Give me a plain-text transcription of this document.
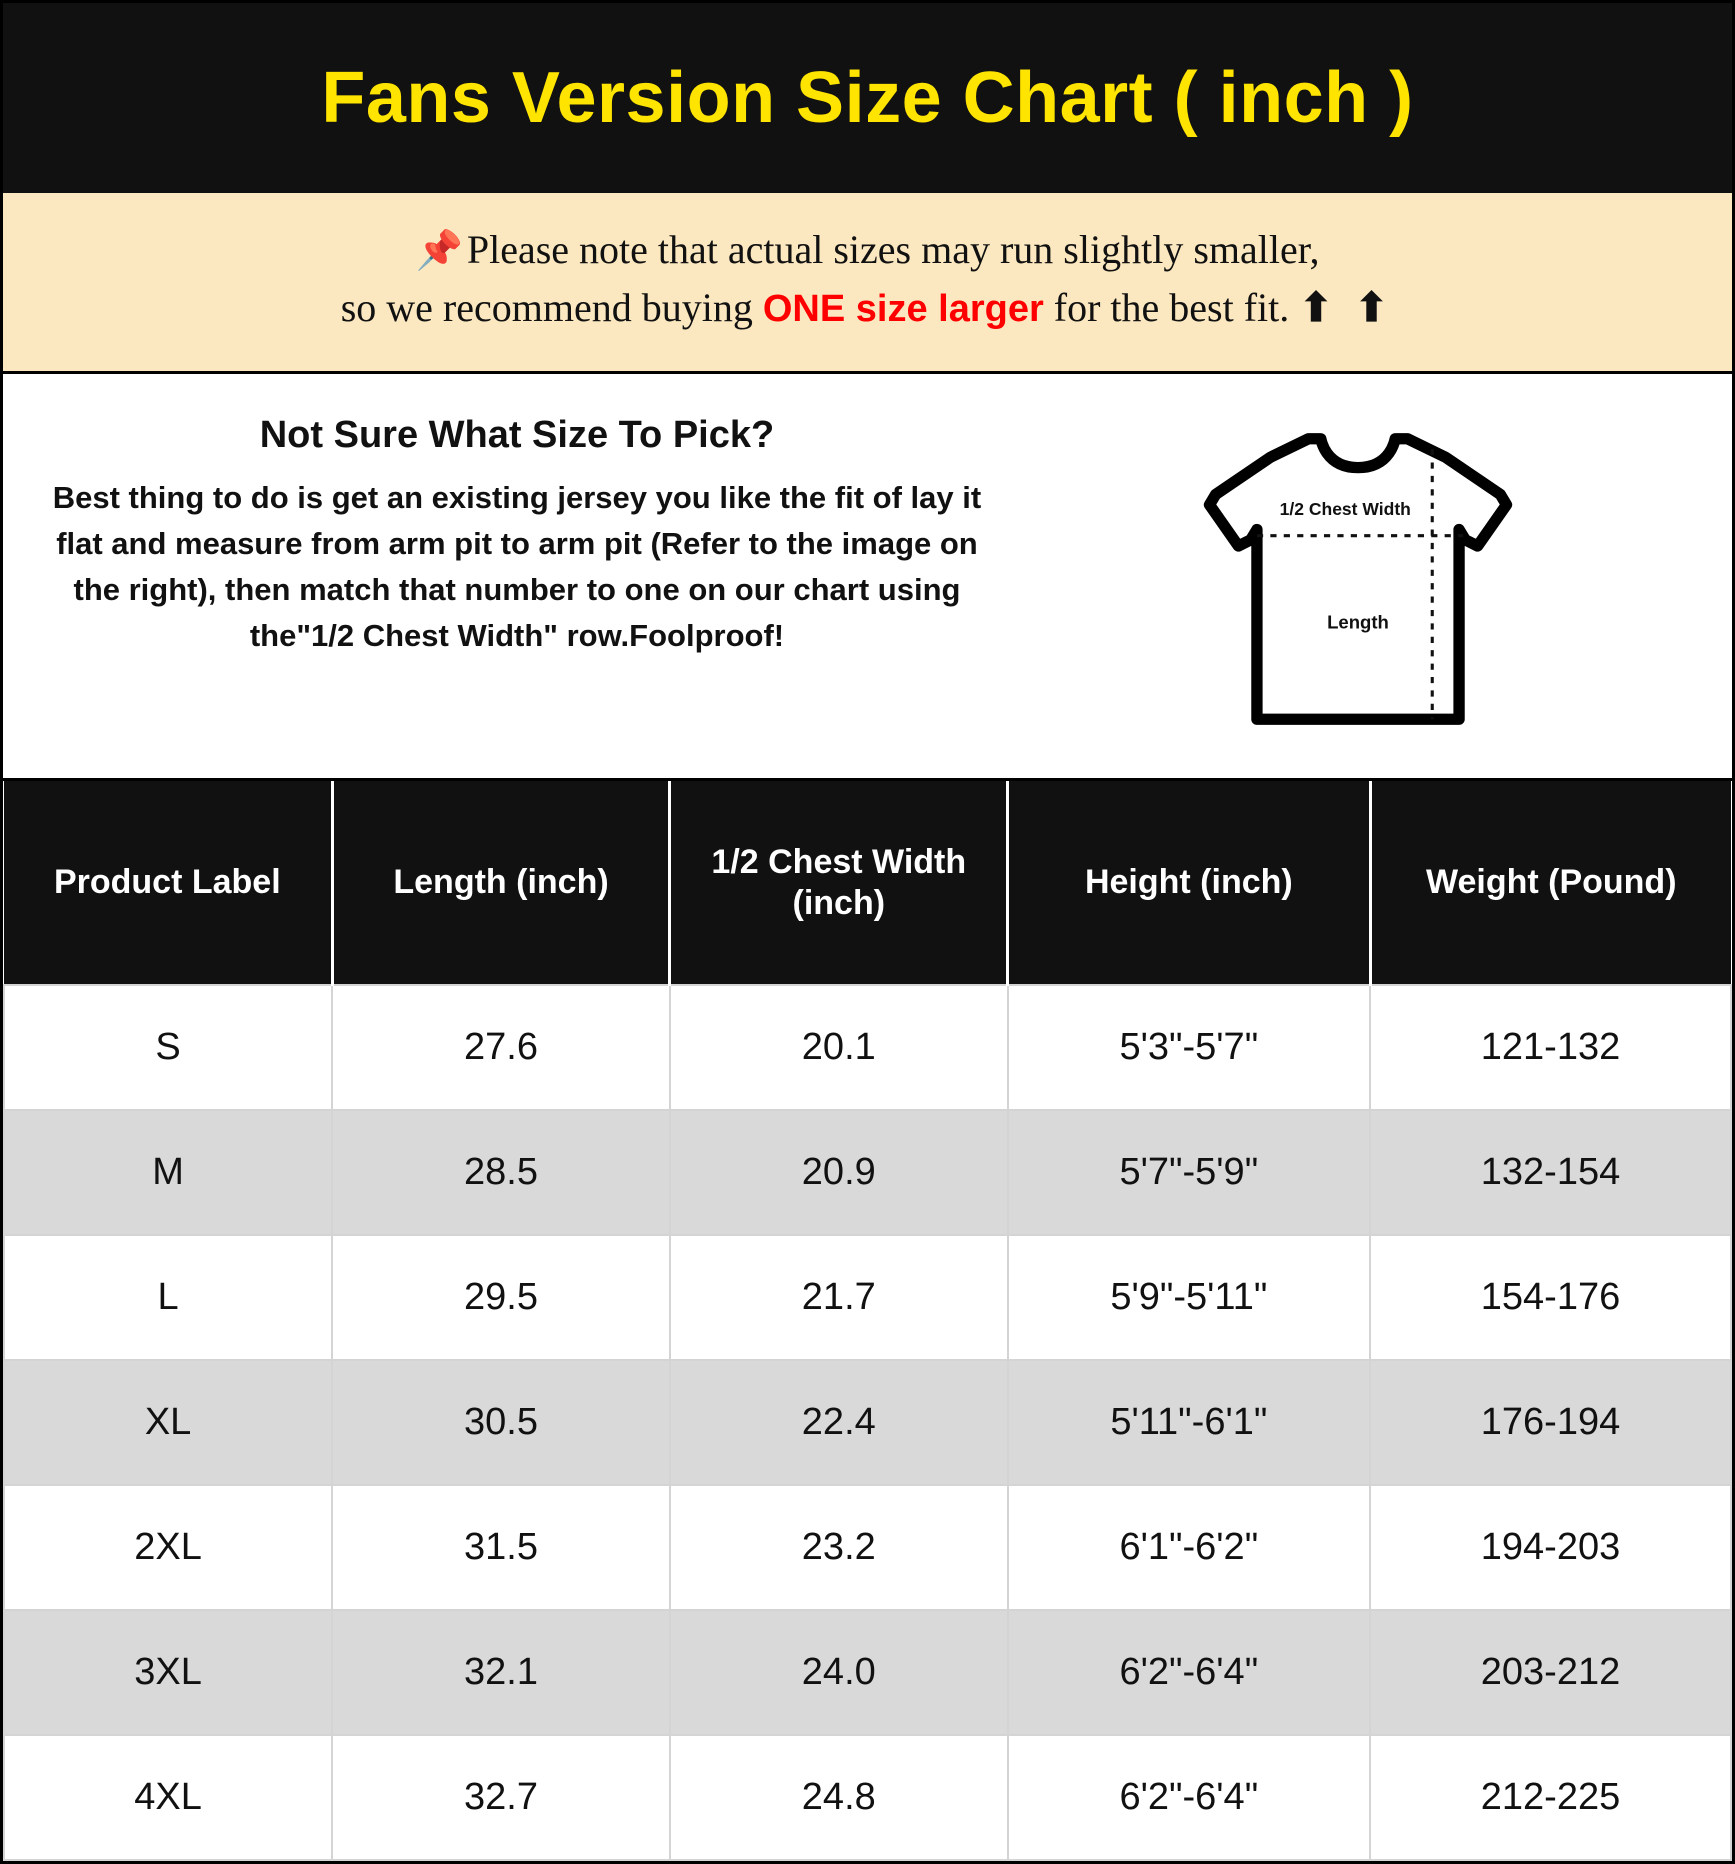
Fans Version Size Chart ( inch )
📌 Please note that actual sizes may run slightly smaller,
so we recommend buying ONE size larger for the best fit. ⬆ ⬆
Not Sure What Size To Pick?
Best thing to do is get an existing jersey you like the fit of lay it flat and measure from arm pit to arm pit (Refer to the image on the right), then match that number to one on our chart using the"1/2 Chest Width" row.Foolproof!
1/2 Chest Width
Length
Product Label	Length (inch)	1/2 Chest Width (inch)	Height (inch)	Weight (Pound)
S	27.6	20.1	5'3"-5'7"	121-132
M	28.5	20.9	5'7"-5'9"	132-154
L	29.5	21.7	5'9"-5'11"	154-176
XL	30.5	22.4	5'11"-6'1"	176-194
2XL	31.5	23.2	6'1"-6'2"	194-203
3XL	32.1	24.0	6'2"-6'4"	203-212
4XL	32.7	24.8	6'2"-6'4"	212-225
